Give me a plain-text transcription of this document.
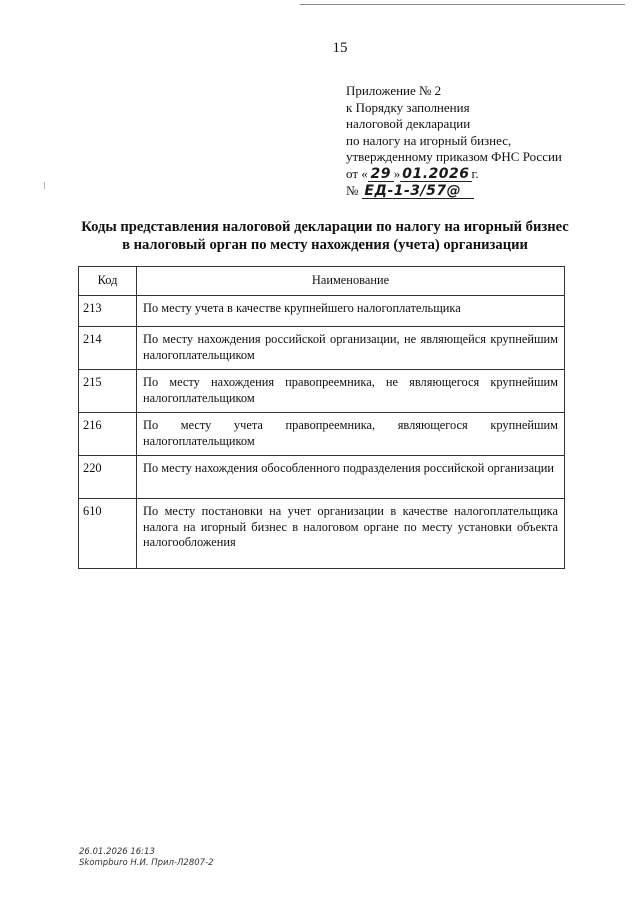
15
Приложение № 2
к Порядку заполнения
налоговой декларации
по налогу на игорный бизнес,
утвержденному приказом ФНС России
от « 29 » 01.2026 г.
№ ЕД-1-3/57@
Коды представления налоговой декларации по налогу на игорный бизнес
в налоговый орган по месту нахождения (учета) организации
Код	Наименование
213	По месту учета в качестве крупнейшего налогоплательщика
214	По месту нахождения российской организации, не являющейся крупнейшим налогоплательщиком
215	По месту нахождения правопреемника, не являющегося крупнейшим налогоплательщиком
216	По месту учета правопреемника, являющегося крупнейшим налогоплательщиком
220	По месту нахождения обособленного подразделения российской организации
610	По месту постановки на учет организации в качестве налогоплательщика налога на игорный бизнес в налоговом органе по месту установки объекта налогообложения
26.01.2026 16:13
Skompburo Н.И. Прил-Л2807-2
